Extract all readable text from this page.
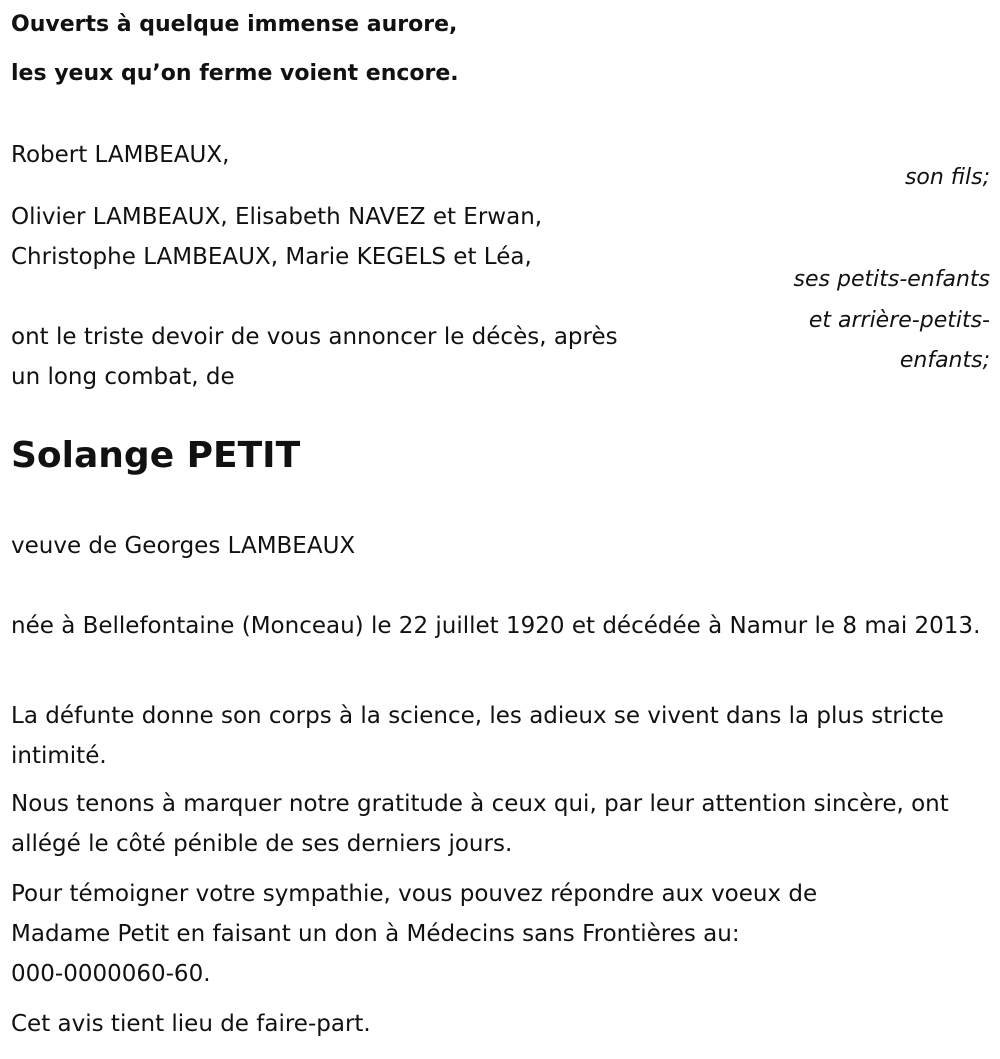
Ouverts à quelque immense aurore,

les yeux qu’on ferme voient encore.

Robert LAMBEAUX,

son fils;

Olivier LAMBEAUX, Elisabeth NAVEZ et Erwan,

Christophe LAMBEAUX, Marie KEGELS et Léa,

ses petits-enfants

et arrière-petits-

enfants;

ont le triste devoir de vous annoncer le décès, après

un long combat, de

Solange PETIT

veuve de Georges LAMBEAUX

née à Bellefontaine (Monceau) le 22 juillet 1920 et décédée à Namur le 8 mai 2013.

La défunte donne son corps à la science, les adieux se vivent dans la plus stricte intimité.

Nous tenons à marquer notre gratitude à ceux qui, par leur attention sincère, ont allégé le côté pénible de ses derniers jours.

Pour témoigner votre sympathie, vous pouvez répondre aux voeux de

Madame Petit en faisant un don à Médecins sans Frontières au:

000-0000060-60.

Cet avis tient lieu de faire-part.
